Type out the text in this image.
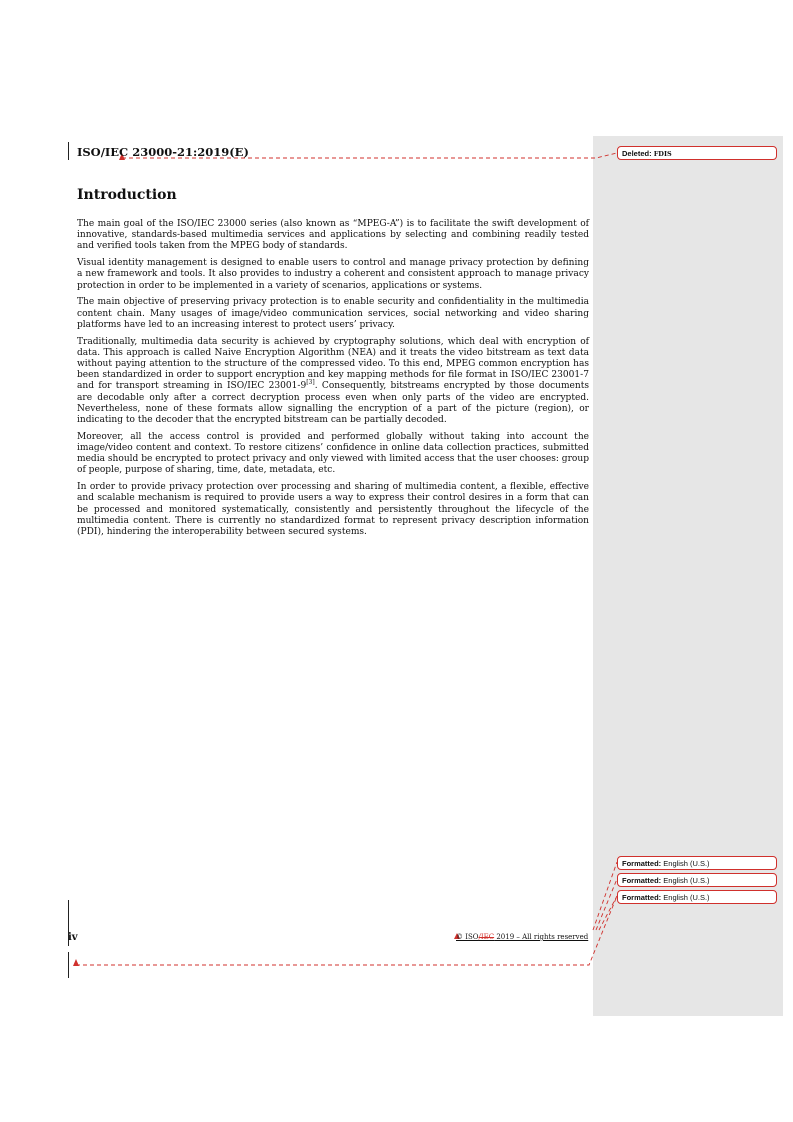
ISO/IEC 23000-21:2019(E)
Introduction

The main goal of the ISO/IEC 23000 series (also known as “MPEG-A”) is to facilitate the swift development of innovative, standards-based multimedia services and applications by selecting and combining readily tested and verified tools taken from the MPEG body of standards.

Visual identity management is designed to enable users to control and manage privacy protection by defining a new framework and tools. It also provides to industry a coherent and consistent approach to manage privacy protection in order to be implemented in a variety of scenarios, applications or systems.

The main objective of preserving privacy protection is to enable security and confidentiality in the multimedia content chain. Many usages of image/video communication services, social networking and video sharing platforms have led to an increasing interest to protect users’ privacy.

Traditionally, multimedia data security is achieved by cryptography solutions, which deal with encryption of data. This approach is called Naive Encryption Algorithm (NEA) and it treats the video bitstream as text data without paying attention to the structure of the compressed video. To this end, MPEG common encryption has been standardized in order to support encryption and key mapping methods for file format in ISO/IEC 23001-7 and for transport streaming in ISO/IEC 23001-9[3]. Consequently, bitstreams encrypted by those documents are decodable only after a correct decryption process even when only parts of the video are encrypted. Nevertheless, none of these formats allow signalling the encryption of a part of the picture (region), or indicating to the decoder that the encrypted bitstream can be partially decoded.

Moreover, all the access control is provided and performed globally without taking into account the image/video content and context. To restore citizens’ confidence in online data collection practices, submitted media should be encrypted to protect privacy and only viewed with limited access that the user chooses: group of people, purpose of sharing, time, date, metadata, etc.

In order to provide privacy protection over processing and sharing of multimedia content, a flexible, effective and scalable mechanism is required to provide users a way to express their control desires in a form that can be processed and monitored systematically, consistently and persistently throughout the lifecycle of the multimedia content. There is currently no standardized format to represent privacy description information (PDI), hindering the interoperability between secured systems.

Deleted: FDIS
Formatted: English (U.S.)
Formatted: English (U.S.)
Formatted: English (U.S.)
iv	© ISO/IEC 2019 – All rights reserved
